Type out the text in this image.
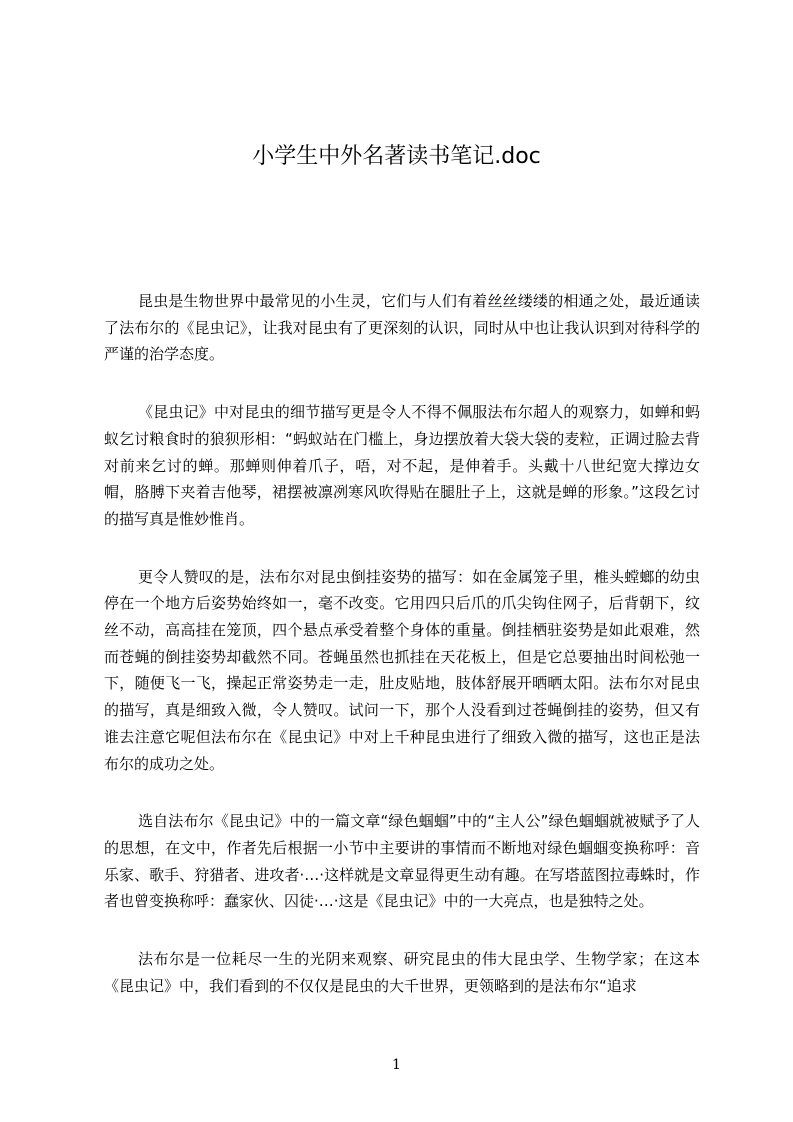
小学生中外名著读书笔记.doc

昆虫是生物世界中最常见的小生灵，它们与人们有着丝丝缕缕的相通之处，最近通读了法布尔的《昆虫记》，让我对昆虫有了更深刻的认识，同时从中也让我认识到对待科学的严谨的治学态度。

《昆虫记》中对昆虫的细节描写更是令人不得不佩服法布尔超人的观察力，如蝉和蚂蚁乞讨粮食时的狼狈形相：“蚂蚁站在门槛上，身边摆放着大袋大袋的麦粒，正调过脸去背对前来乞讨的蝉。那蝉则伸着爪子，唔，对不起，是伸着手。头戴十八世纪宽大撑边女帽，胳膊下夹着吉他琴，裙摆被凛冽寒风吹得贴在腿肚子上，这就是蝉的形象。”这段乞讨的描写真是惟妙惟肖。

更令人赞叹的是，法布尔对昆虫倒挂姿势的描写：如在金属笼子里，椎头螳螂的幼虫停在一个地方后姿势始终如一，毫不改变。它用四只后爪的爪尖钩住网子，后背朝下，纹丝不动，高高挂在笼顶，四个悬点承受着整个身体的重量。倒挂栖驻姿势是如此艰难，然而苍蝇的倒挂姿势却截然不同。苍蝇虽然也抓挂在天花板上，但是它总要抽出时间松弛一下，随便飞一飞，操起正常姿势走一走，肚皮贴地，肢体舒展开晒晒太阳。法布尔对昆虫的描写，真是细致入微，令人赞叹。试问一下，那个人没看到过苍蝇倒挂的姿势，但又有谁去注意它呢但法布尔在《昆虫记》中对上千种昆虫进行了细致入微的描写，这也正是法布尔的成功之处。

选自法布尔《昆虫记》中的一篇文章“绿色蝈蝈”中的“主人公”绿色蝈蝈就被赋予了人的思想，在文中，作者先后根据一小节中主要讲的事情而不断地对绿色蝈蝈变换称呼：音乐家、歌手、狩猎者、进攻者·…·这样就是文章显得更生动有趣。在写塔蓝图拉毒蛛时，作者也曾变换称呼：蠢家伙、囚徒·…·这是《昆虫记》中的一大亮点，也是独特之处。

法布尔是一位耗尽一生的光阴来观察、研究昆虫的伟大昆虫学、生物学家；在这本《昆虫记》中，我们看到的不仅仅是昆虫的大千世界，更领略到的是法布尔“追求

1
